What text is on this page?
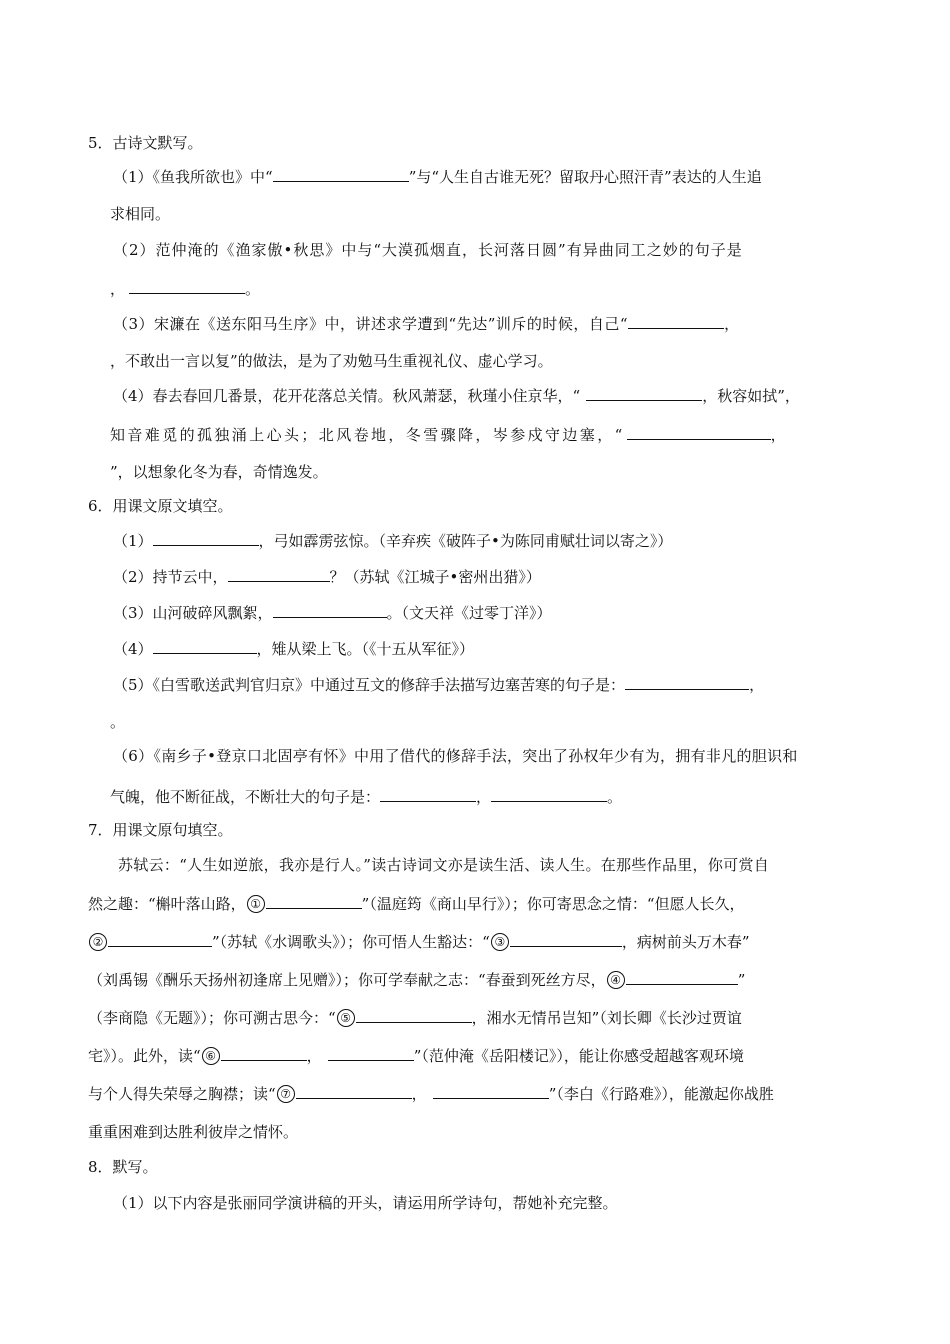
5．古诗文默写。
（1）《鱼我所欲也》中“	”与“人生自古谁无死？留取丹心照汗青”表达的人生追
求相同。
（2）范仲淹的《渔家傲•秋思》中与“大漠孤烟直，长河落日圆”有异曲同工之妙的句子是
，	。
（3）宋濂在《送东阳马生序》中，讲述求学遭到“先达”训斥的时候，自己“	，
，不敢出一言以复”的做法，是为了劝勉马生重视礼仪、虚心学习。
（4）春去春回几番景，花开花落总关情。秋风萧瑟，秋瑾小住京华，“	，秋容如拭”，
知音难觅的孤独涌上心头；北风卷地，冬雪骤降，岑参戍守边塞，“	，
”，以想象化冬为春，奇情逸发。
6．用课文原文填空。
（1）	，弓如霹雳弦惊。（辛弃疾《破阵子•为陈同甫赋壮词以寄之》）
（2）持节云中，	？（苏轼《江城子•密州出猎》）
（3）山河破碎风飘絮，	。（文天祥《过零丁洋》）
（4）	，雉从梁上飞。（《十五从军征》）
（5）《白雪歌送武判官归京》中通过互文的修辞手法描写边塞苦寒的句子是：	，
。
（6）《南乡子•登京口北固亭有怀》中用了借代的修辞手法，突出了孙权年少有为，拥有非凡的胆识和
气魄，他不断征战，不断壮大的句子是：	，	。
7．用课文原句填空。
苏轼云：“人生如逆旅，我亦是行人。”读古诗词文亦是读生活、读人生。在那些作品里，你可赏自
然之趣：“槲叶落山路， ①	”（温庭筠《商山早行》）；你可寄思念之情：“但愿人长久，
②	”（苏轼《水调歌头》）；你可悟人生豁达：“ ③	，病树前头万木春”
（刘禹锡《酬乐天扬州初逢席上见赠》）；你可学奉献之志：“春蚕到死丝方尽， ④	”
（李商隐《无题》）；你可溯古思今：“ ⑤	，湘水无情吊岂知”（刘长卿《长沙过贾谊
宅》）。此外，读“ ⑥	，	”（范仲淹《岳阳楼记》），能让你感受超越客观环境
与个人得失荣辱之胸襟；读“ ⑦	，	”（李白《行路难》），能激起你战胜
重重困难到达胜利彼岸之情怀。
8．默写。
（1）以下内容是张丽同学演讲稿的开头，请运用所学诗句，帮她补充完整。
